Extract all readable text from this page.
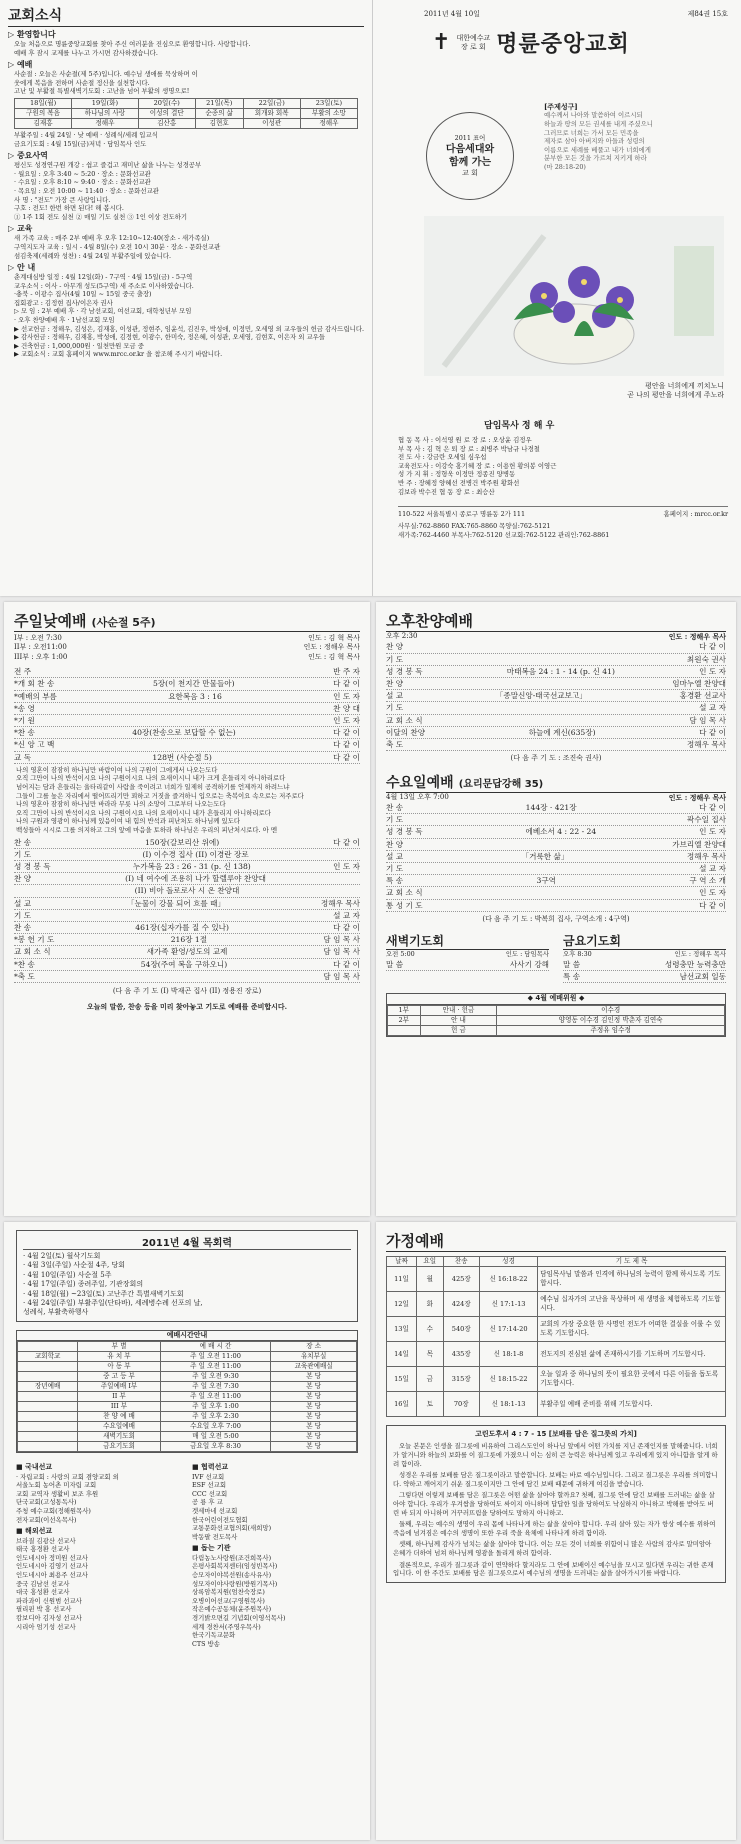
교회소식
▷ 환영합니다
오늘 처음으로 명륜중앙교회를 찾아 주신 여러분을 진심으로 환영합니다. 사랑합니다.
예배 후 잠시 교제를 나누고 가시면 감사하겠습니다.
▷ 예배
사순절 : 오늘은 사순절(제 5주)입니다. 예수님 생애를 묵상하며 이
웃에게 복음을 전하며 사순절 정신을 실천합시다.
고난 및 부활절 특별새벽기도회 : 고난을 넘어 부활의 생명으로!
18일(월)	19일(화)	20일(수)	21일(목)	22일(금)	23일(토)
구원의 복음	하나님의 사랑	이성의 결단	순종의 삶	회개와 회복	부활의 소망
김재홍	정해우	김산홍	김현호	이성관	정해우
부활주일 : 4월 24일 · 낮 예배 · 성례식/세례 입교식
금요기도회 : 4월 15일(금)저녁 · 담임목사 인도
▷ 중요사역
평신도 성경연구원 개강 : 쉽고 즐겁고 재미난 삶을 나누는 성경공부
· 월요일 : 오후 3:40 ~ 5:20 · 장소 : 문화선교관
· 수요일 : 오후 8:10 ~ 9:40 · 장소 : 문화선교관
· 목요일 : 오전 10:00 ~ 11:40 · 장소 : 문화선교관
사 명 : "전도" 가장 큰 사랑입니다.
구호 : 전도! 한번 하면 된다! 해 봅시다.
① 1주 1회 전도 실천 ② 매일 기도 실천 ③ 1인 이상 전도하기
▷ 교육
새 가족 교육 : 매주 2부 예배 후 오후 12:10~12:40(장소 - 새가족실)
구역지도자 교육 : 일시 - 4월 8일(수) 오전 10시 30분 · 장소 - 문화선교관
섬김축제(세례와 성찬) : 4월 24일 부활주일에 있습니다.
▷ 안 내
춘계대심방 일정 : 4월 12일(화) - 7구역 · 4월 15일(금) - 5구역
교우소식 : 이사 - 아무개 성도(5구역) 새 주소로 이사하였습니다.
·충북 - 이광수 집사(4월 10일 ~ 15일 중국 출장)
집회광고 : 김정현 집사/이은자 권사
▷ 모 임 : 2부 예배 후 · 각 남선교회, 여선교회, 대학청년부 모임
· 오후 찬양예배 후 · 1남선교회 모임
▶ 선교헌금 : 정해우, 김성은, 김재홍, 이성관, 정현주, 임윤석, 김진우, 박성애, 이정민, 오세영 외 교우들의 헌금 감사드립니다.
▶ 감사헌금 : 정해우, 김재홍, 박성애, 김정현, 이광수, 한미숙, 정은혜, 이성관, 오세영, 김현호, 이은자 외 교우들
▶ 건축헌금 : 1,000,000원 · 일천만원 모금 중
▶ 교회소식 : 교회 홈페이지 www.mrcc.or.kr 을 참조해 주시기 바랍니다.
2011년 4월 10일	제84권 15호
✝ 대한예수교
장 로 회 명륜중앙교회
2011 표어
다음세대와
함께 가는
교 회
[주제성구]
예수께서 나아와 말씀하여 이르시되
하늘과 땅의 모든 권세를 내게 주셨으니
그러므로 너희는 가서 모든 민족을
제자로 삼아 아버지와 아들과 성령의
이름으로 세례를 베풀고 내가 너희에게
분부한 모든 것을 가르쳐 지키게 하라
(마 28:18-20)
평안을 너희에게 끼치노니
곧 나의 평안을 너희에게 주노라
담임목사 정 해 우
협 동 목 사 : 이석영 원 로 장 로 : 오상윤 김정우
부 목 사 : 김 혁 은 퇴 장 로 : 최병주 박남규 나경철
전 도 사 : 강금란 오세일 심우섭
교육전도사 : 이강숙 홍기혜 장 로 : 이용헌 황의봉 이영근
성 가 지 휘 : 정형욱 이정만 정종진 양병동
반 주 : 장혜정 양혜선 전병건 박주원 황화선
김보라 박수진 협 동 장 로 : 최승산
110-522 서울특별시 종로구 명륜동 2가 111	홈페이지 : mrcc.or.kr
사무실:762-8860 FAX:765-8860 목양실:762-5121
새가족:762-4460 부목사:762-5120 선교회:762-5122 관리인:762-8861
주일낮예배 (사순절 5주)
I부 : 오전 7:30	인도 : 김 혁 목사
II부 : 오전11:00	인도 : 정해우 목사
III부 : 오후 1:00	인도 : 김 혁 목사
전 주	반 주 자
*개 회 찬 송	5장(이 천지간 만물들아)	다 같 이
*예배의 부름	요한복음 3 : 16	인 도 자
*송 영	찬 양 대
*기 원	인 도 자
*찬 송	40장(찬송으로 보답할 수 없는)	다 같 이
*신 앙 고 백	다 같 이
교 독	128번 (사순절 5)	다 같 이
나의 영혼이 잠잠히 하나님만 바람이여 나의 구원이 그에게서 나오는도다
오직 그만이 나의 반석이시요 나의 구원이시요 나의 요새이시니 내가 크게 흔들리지 아니하리로다
넘어지는 담과 흔들리는 울타리같이 사람을 죽이려고 너희가 일제히 공격하기를 언제까지 하려느냐
그들이 그를 높은 자리에서 떨어뜨리기만 꾀하고 거짓을 즐겨하니 입으로는 축복이요 속으로는 저주로다
나의 영혼아 잠잠히 하나님만 바라라 무릇 나의 소망이 그로부터 나오는도다
오직 그만이 나의 반석이시요 나의 구원이시요 나의 요새이시니 내가 흔들리지 아니하리로다
나의 구원과 영광이 하나님께 있음이여 내 힘의 반석과 피난처도 하나님께 있도다
백성들아 시시로 그를 의지하고 그의 앞에 마음을 토하라 하나님은 우리의 피난처시로다. 아 멘
찬 송	150장(갈보리산 위에)	다 같 이
기 도	(I) 이수경 집사 (II) 이경란 장로
성 경 봉 독	누가복음 23 : 26 - 31 (p. 신 138)	인 도 자
찬 양	(I) 네 여수에 조용히 나가 할렐루야 찬양대
(II) 비아 돌로로사 시 온 찬양대
설 교	「눈물이 강물 되어 흐를 때」	정해우 목사
기 도	설 교 자
찬 송	461장(십자가를 질 수 있나)	다 같 이
*봉 헌 기 도	216장 1절	담 임 목 사
교 회 소 식	새가족 환영/성도의 교제	담 임 목 사
*찬 송	54장(주여 복을 구하오니)	다 같 이
*축 도	담 임 목 사
(다 음 주 기 도 (I) 박재곤 집사 (II) 정용진 장로)
오늘의 말씀, 찬송 등을 미리 찾아놓고 기도로 예배를 준비합시다.
오후찬양예배
오후 2:30	인도 : 정해우 목사
찬 양	다 같 이
기 도	최원숙 권사
성 경 봉 독	마태복음 24 : 1 - 14 (p. 신 41)	인 도 자
찬 양	임마누엘 찬양대
설 교	「종말신앙-태국선교보고」	홍경환 선교사
기 도	설 교 자
교 회 소 식	담 임 목 사
이달의 찬양	하늘에 계신(635장)	다 같 이
축 도	정해우 목사
(다 음 주 기 도 : 조진숙 권사)
수요일예배 (요리문답강해 35)
4월 13일 오후 7:00	인도 : 정해우 목사
찬 송	144장 · 421장	다 같 이
기 도	곽수일 집사
성 경 봉 독	에베소서 4 : 22 - 24	인 도 자
찬 양	가브리엘 찬양대
설 교	「거룩한 삶」	정해우 목사
기 도	설 교 자
특 송	3구역	구 역 소 개
교 회 소 식	인 도 자
통 성 기 도	다 같 이
(다 음 주 기 도 : 박복희 집사, 구역소개 : 4구역)
새벽기도회
오전 5:00	인도 : 담임목사
말 씀	사사기 강해
금요기도회
오후 8:30	인도 : 정해우 목사
말 씀	성령충만 능력충만
특 송	남선교회 일동
◆ 4월 예배위원 ◆
1부	안내 · 헌금	이수경
2부	안 내	양영동 이수경 김인정 박춘자 김연숙
	헌 금	주정유 임수정
2011년 4월 목회력
· 4월 2일(토) 월삭기도회
· 4월 3일(주일) 사순절 4주, 당회
· 4월 10일(주일) 사순절 5주
· 4월 17일(주일) 종려주일, 기관장회의
· 4월 18일(월) ~23일(토) 고난주간 특별새벽기도회
· 4월 24일(주일) 부활주일(단타바), 세례병수례 선포의 날,
성례식, 부활축하행사
예배시간안내
	부 별	예 배 시 간	장 소
교회학교	유 치 부	주 일 오전 11:00	유치부실
	아 동 부	주 일 오전 11:00	교육관예배실
	중 고 등 부	주 일 오전 9:30	본 당
장년예배	주일예배 I부	주 일 오전 7:30	본 당
	II 부	주 일 오전 11:00	본 당
	III 부	주 일 오후 1:00	본 당
	찬 양 예 배	주 일 오후 2:30	본 당
	수요일예배	수요일 오후 7:00	본 당
	새벽기도회	매 일 오전 5:00	본 당
	금요기도회	금요일 오후 8:30	본 당
■ 국내선교
· 자립교회 : 사랑의 교회 겸양교회 외
서울노회 농어촌 미자립 교회
교회 교역자 생활비 보조 후원
단국교회(고성통독사)
주청 예수교회(정해원목사)
전자교회(이선옥목사)
■ 해외선교
브라질 김광산 선교사
태국 홍경환 선교사
인도네시아 정미원 선교사
인도네시아 김영기 선교사
인도네시아 최용주 선교사
중국 김남선 선교사
대국 홍성환 선교사
파라과이 신원범 선교사
필리핀 박 홍 선교사
캄보디아 김자성 선교사
시리아 엄기성 선교사
■ 협력선교
IVF 선교회
ESF 선교회
CCC 선교회
공 룡 후 교
겟세마네 선교회
한국어린이전도협회
교통문화선교협의회(새희망)
박동팔 전도목사
■ 돕는 기관
다림농노사랑원(조건희목사)
은평사회복지센터(임성빈목사)
승모자이야복선원(송사유사)
성모자이야사랑원(방원기목사)
상록암복지원(엄찬숙장로)
오병이어선교(구영원목사)
작은예수공동체(윤주원목사)
경기밝으면길 기념회(이영석목사)
세계 경찬서(주영우목사)
한국기독교문화
CTS 방송
가정예배
날짜	요일	찬송	성경	기 도 제 목
11일	월	425장	신 16:18-22	담임목사님 말씀과 인격에 하나님의 능력이 함께 하시도록 기도합시다.
12일	화	424장	신 17:1-13	예수님 십자가의 고난을 묵상하며 새 생명을 체험하도록 기도합시다.
13일	수	540장	신 17:14-20	교회의 가장 중요한 한 사명인 전도가 어떠한 결실을 이룰 수 있도록 기도합시다.
14일	목	435장	신 18:1-8	전도지의 진심된 삶에 존재하시기를 기도하며 기도합시다.
15일	금	315장	신 18:15-22	오늘 일과 중 하나님의 뜻이 필요한 곳에서 다른 이들을 돕도록 기도합시다.
16일	토	70장	신 18:1-13	부활주일 예배 준비를 위해 기도합시다.
고린도후서 4 : 7 - 15 [보배를 담은 질그릇의 가치]
오늘 본문은 인생을 질그릇에 비유하여 그리스도인이 하나님 앞에서 어떤 가치를 지닌 존재인지를 말해줍니다. 너희가 알거니와 하늘의 보화를 이 질그릇에 가졌으니 이는 심히 큰 능력은 하나님께 있고 우리에게 있지 아니함을 알게 하려 함이라.
성경은 우리를 보배를 담은 질그릇이라고 말씀합니다. 보배는 바로 예수님입니다. 그리고 질그릇은 우리를 의미합니다. 약하고 깨어지기 쉬운 질그릇이지만 그 안에 담긴 보배 때문에 귀하게 여김을 받습니다.
그렇다면 이렇게 보배를 담은 질그릇은 어떤 삶을 살아야 할까요? 첫째, 질그릇 안에 담긴 보배를 드러내는 삶을 살아야 합니다. 우리가 우겨쌈을 당하여도 싸이지 아니하며 답답한 일을 당하여도 낙심하지 아니하고 박해를 받아도 버린 바 되지 아니하며 거꾸러뜨림을 당하여도 망하지 아니하고.
둘째, 우리는 예수의 생명이 우리 몸에 나타나게 하는 삶을 살아야 합니다. 우리 살아 있는 자가 항상 예수를 위하여 죽음에 넘겨짐은 예수의 생명이 또한 우리 죽을 육체에 나타나게 하려 함이라.
셋째, 하나님께 감사가 넘치는 삶을 살아야 합니다. 이는 모든 것이 너희를 위함이니 많은 사람의 감사로 말미암아 은혜가 더하여 넘쳐 하나님께 영광을 돌리게 하려 함이라.
결론적으로, 우리가 질그릇과 같이 연약하다 할지라도 그 안에 보배이신 예수님을 모시고 있다면 우리는 귀한 존재입니다. 이 한 주간도 보배를 담은 질그릇으로서 예수님의 생명을 드러내는 삶을 살아가시기를 바랍니다.
